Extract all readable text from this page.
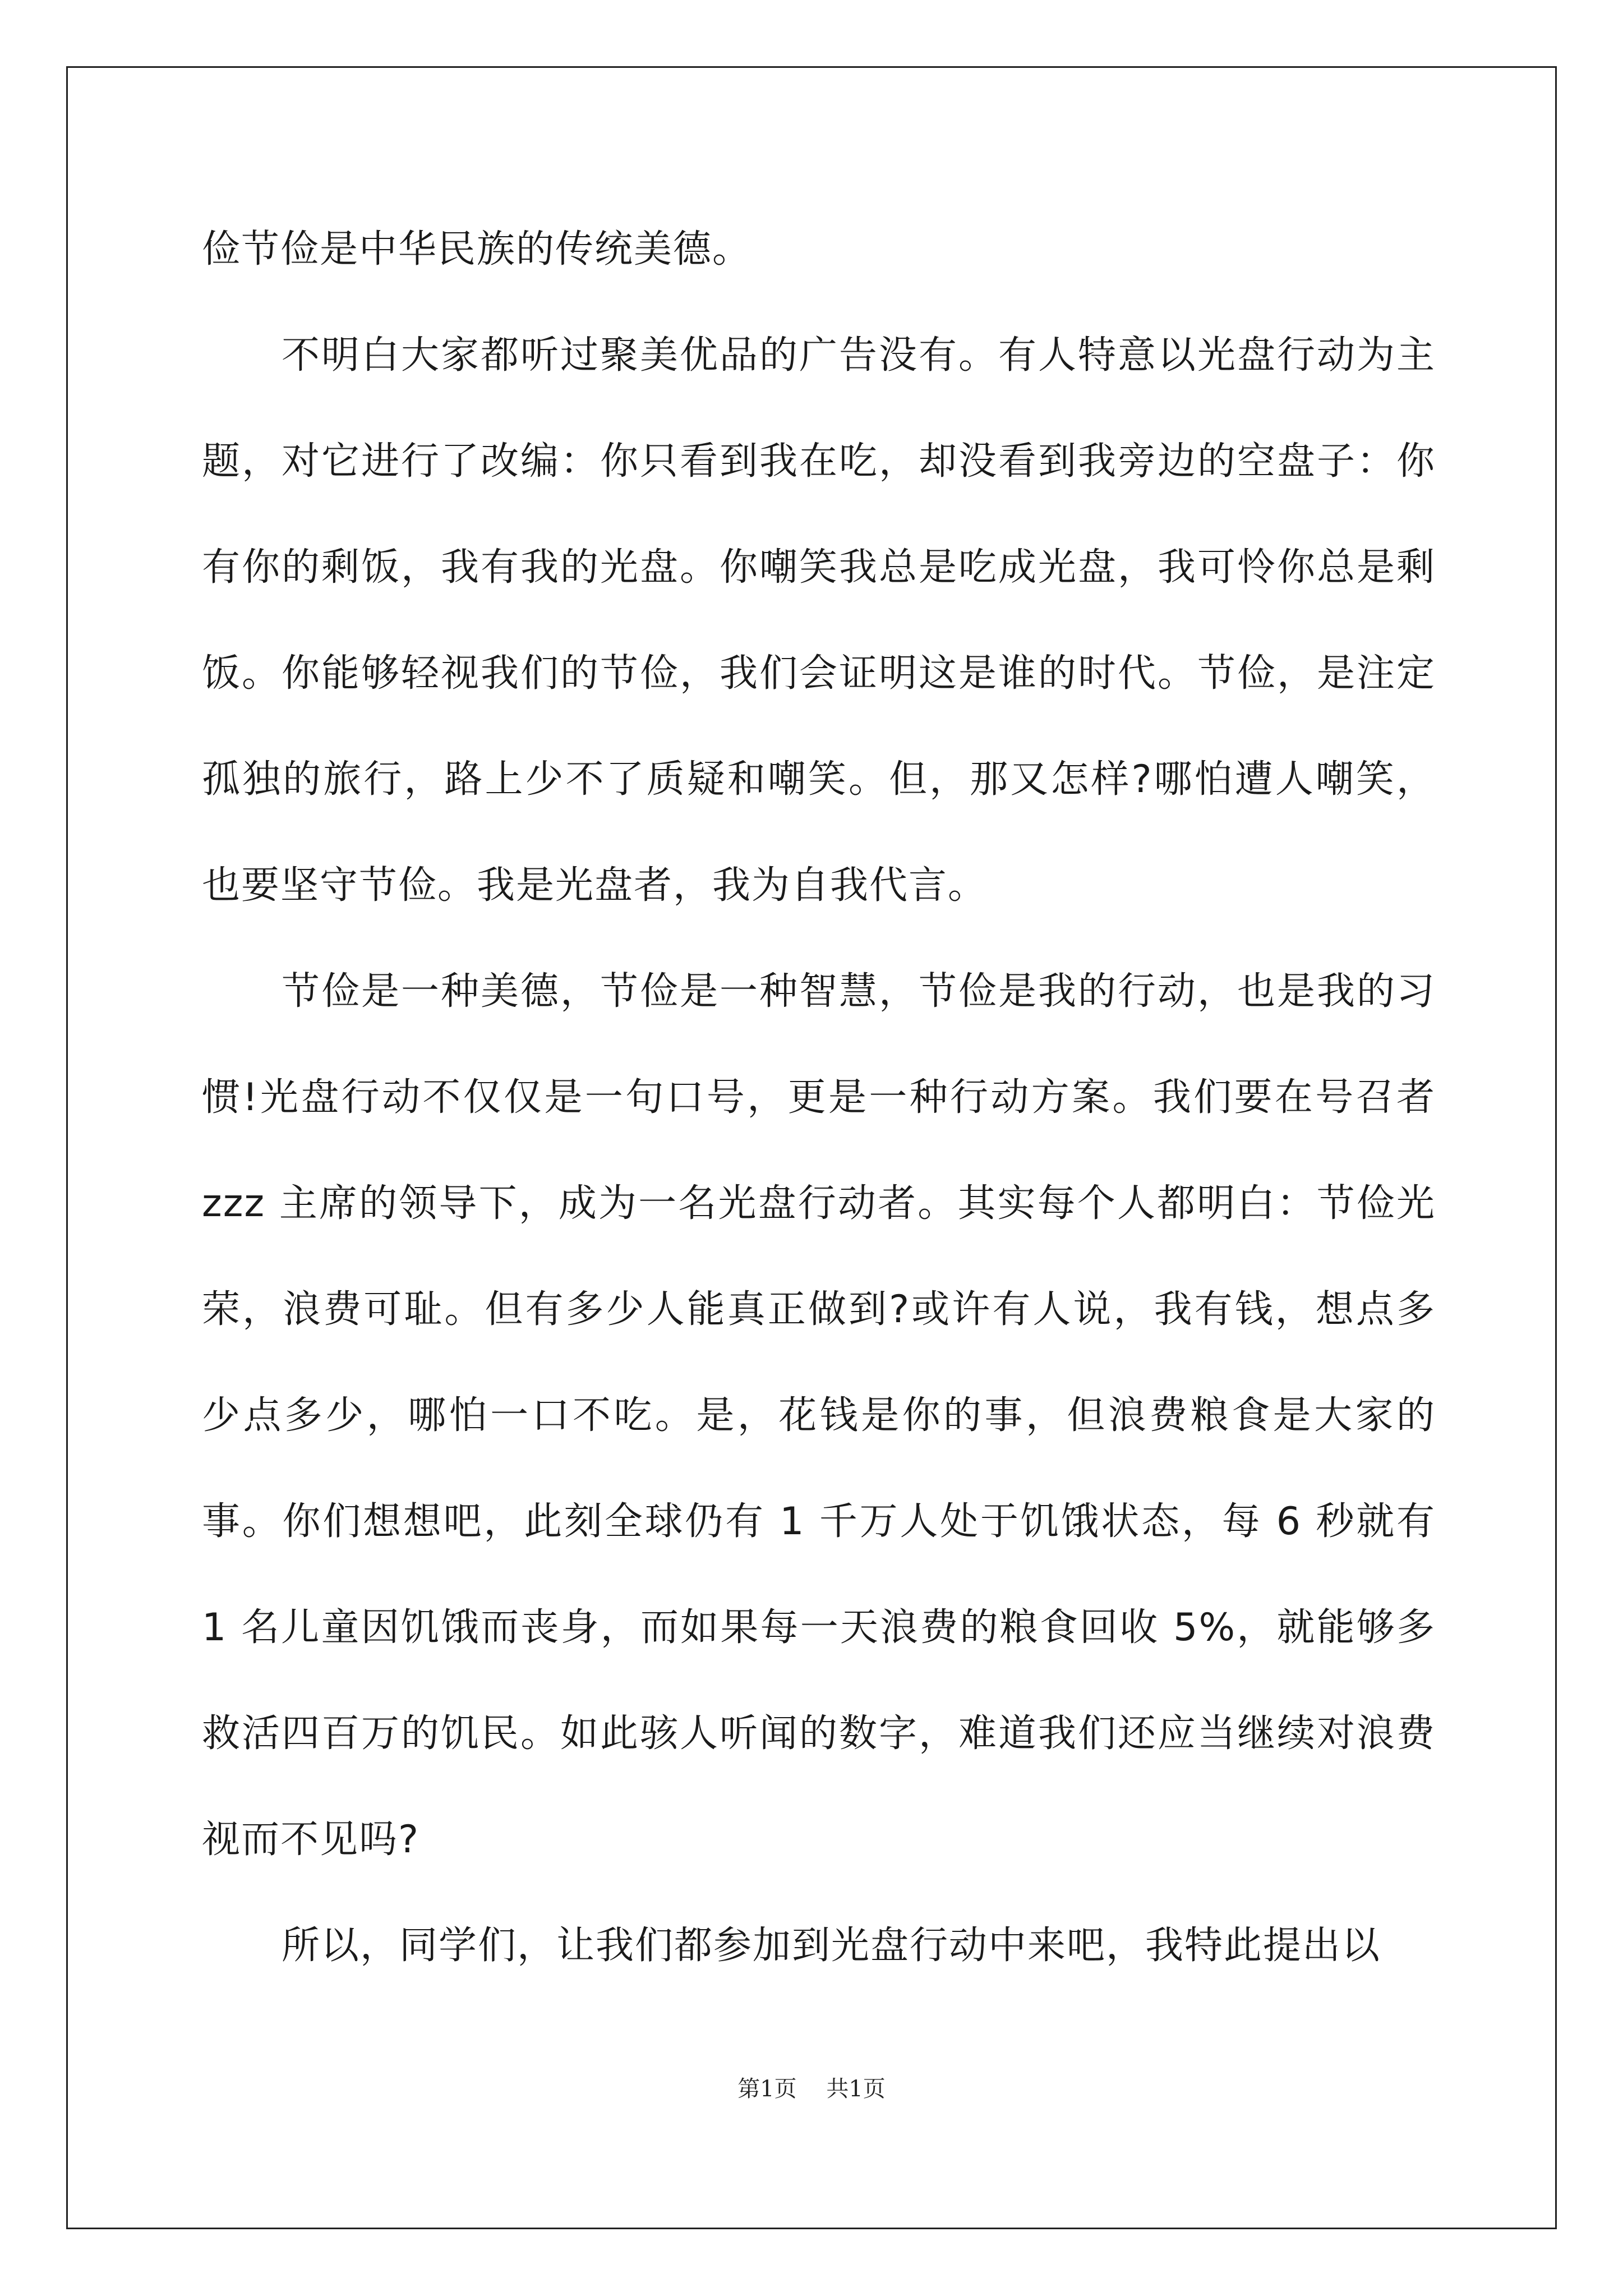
俭节俭是中华民族的传统美德。

不明白大家都听过聚美优品的广告没有。有人特意以光盘行动为主题，对它进行了改编：你只看到我在吃，却没看到我旁边的空盘子：你有你的剩饭，我有我的光盘。你嘲笑我总是吃成光盘，我可怜你总是剩饭。你能够轻视我们的节俭，我们会证明这是谁的时代。节俭，是注定孤独的旅行，路上少不了质疑和嘲笑。但，那又怎样?哪怕遭人嘲笑，也要坚守节俭。我是光盘者，我为自我代言。

节俭是一种美德，节俭是一种智慧，节俭是我的行动，也是我的习惯!光盘行动不仅仅是一句口号，更是一种行动方案。我们要在号召者 zzz 主席的领导下，成为一名光盘行动者。其实每个人都明白：节俭光荣，浪费可耻。但有多少人能真正做到?或许有人说，我有钱，想点多少点多少，哪怕一口不吃。是，花钱是你的事，但浪费粮食是大家的事。你们想想吧，此刻全球仍有 1 千万人处于饥饿状态，每 6 秒就有 1 名儿童因饥饿而丧身，而如果每一天浪费的粮食回收 5%，就能够多救活四百万的饥民。如此骇人听闻的数字，难道我们还应当继续对浪费视而不见吗?

所以，同学们，让我们都参加到光盘行动中来吧，我特此提出以

第1页 共1页
